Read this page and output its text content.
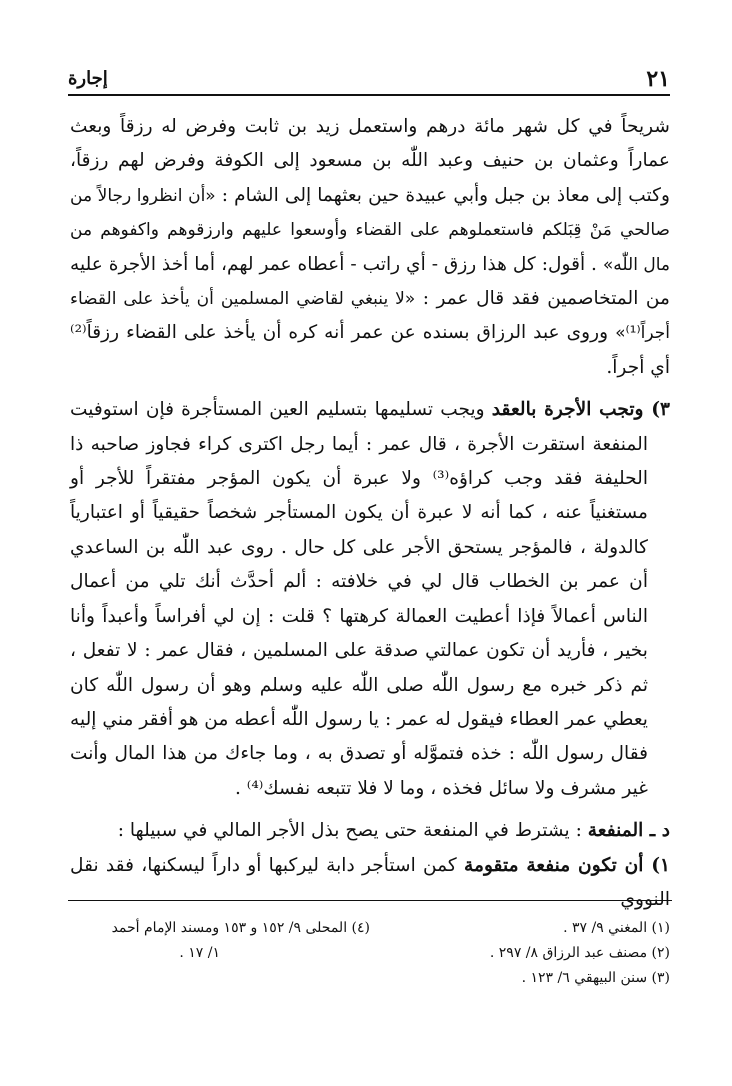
٢١
إجارة

شريحاً في كل شهر مائة درهم واستعمل زيد بن ثابت وفرض له رزقاً وبعث عماراً وعثمان بن حنيف وعبد اللّٰه بن مسعود إلى الكوفة وفرض لهم رزقاً، وكتب إلى معاذ بن جبل وأبي عبيدة حين بعثهما إلى الشام : «أن انظروا رجالاً من صالحي مَنْ قِبَلكم فاستعملوهم على القضاء وأوسعوا عليهم وارزقوهم واكفوهم من مال اللّٰه» . أقول: كل هذا رزق - أي راتب - أعطاه عمر لهم، أما أخذ الأجرة عليه من المتخاصمين فقد قال عمر : «لا ينبغي لقاضي المسلمين أن يأخذ على القضاء أجراً⁽¹⁾» وروى عبد الرزاق بسنده عن عمر أنه كره أن يأخذ على القضاء رزقاً⁽²⁾ أي أجراً.

٣) وتجب الأجرة بالعقد ويجب تسليمها بتسليم العين المستأجرة فإن استوفيت المنفعة استقرت الأجرة ، قال عمر : أيما رجل اكترى كراء فجاوز صاحبه ذا الحليفة فقد وجب كراؤه⁽³⁾ ولا عبرة أن يكون المؤجر مفتقراً للأجر أو مستغنياً عنه ، كما أنه لا عبرة أن يكون المستأجر شخصاً حقيقياً أو اعتبارياً كالدولة ، فالمؤجر يستحق الأجر على كل حال . روى عبد اللّٰه بن الساعدي أن عمر بن الخطاب قال لي في خلافته : ألم أحدَّث أنك تلي من أعمال الناس أعمالاً فإذا أعطيت العمالة كرهتها ؟ قلت : إن لي أفراساً وأعبداً وأنا بخير ، فأريد أن تكون عمالتي صدقة على المسلمين ، فقال عمر : لا تفعل ، ثم ذكر خبره مع رسول اللّٰه صلى اللّٰه عليه وسلم وهو أن رسول اللّٰه كان يعطي عمر العطاء فيقول له عمر : يا رسول اللّٰه أعطه من هو أفقر مني إليه فقال رسول اللّٰه : خذه فتموَّله أو تصدق به ، وما جاءك من هذا المال وأنت غير مشرف ولا سائل فخذه ، وما لا فلا تتبعه نفسك⁽⁴⁾ .

د ـ المنفعة : يشترط في المنفعة حتى يصح بذل الأجر المالي في سبيلها :

١) أن تكون منفعة متقومة كمن استأجر دابة ليركبها أو داراً ليسكنها، فقد نقل النووي

(١) المغني ٩/ ٣٧ .
(٢) مصنف عبد الرزاق ٨/ ٢٩٧ .
(٣) سنن البيهقي ٦/ ١٢٣ .
(٤) المحلى ٩/ ١٥٢ و ١٥٣ ومسند الإمام أحمد
١/ ١٧ .
